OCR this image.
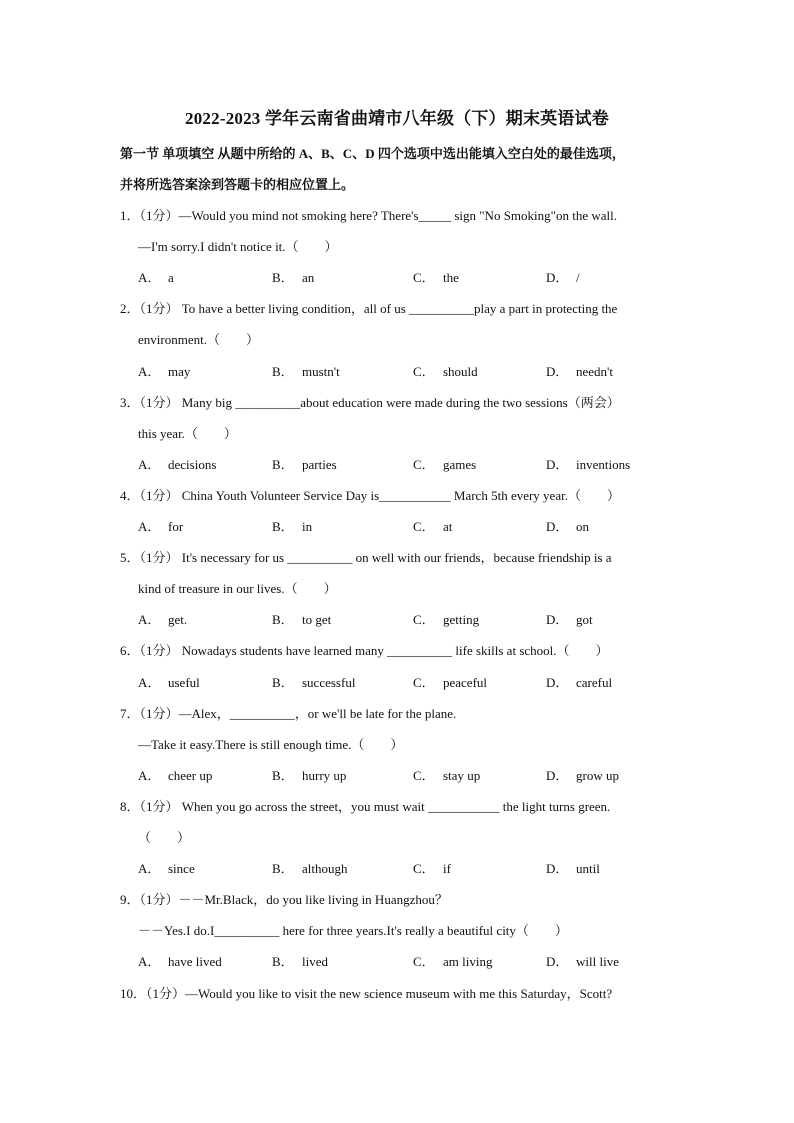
2022-2023 学年云南省曲靖市八年级（下）期末英语试卷
第一节 单项填空 从题中所给的 A、B、C、D 四个选项中选出能填入空白处的最佳选项，
并将所选答案涂到答题卡的相应位置上。
1．（1分）—Would you mind not smoking here? There's_____ sign "No Smoking"on the wall.
—I'm sorry.I didn't notice it.（　　）
A． a	B． an	C． the	D． /
2．（1分） To have a better living condition，all of us __________play a part in protecting the
environment.（　　）
A． may	B． mustn't	C． should	D． needn't
3．（1分） Many big __________about education were made during the two sessions（两会）
this year.（　　）
A． decisions	B． parties	C． games	D． inventions
4．（1分） China Youth Volunteer Service Day is___________ March 5th every year.（　　）
A． for	B． in	C． at	D． on
5．（1分） It's necessary for us __________ on well with our friends，because friendship is a
kind of treasure in our lives.（　　）
A． get.	B． to get	C． getting	D． got
6．（1分） Nowadays students have learned many __________ life skills at school.（　　）
A． useful	B． successful	C． peaceful	D． careful
7．（1分）—Alex，__________，or we'll be late for the plane.
—Take it easy.There is still enough time.（　　）
A． cheer up	B． hurry up	C． stay up	D． grow up
8．（1分） When you go across the street，you must wait ___________ the light turns green.
（　　）
A． since	B． although	C． if	D． until
9．（1分）－－Mr.Black，do you like living in Huangzhou？
－－Yes.I do.I__________ here for three years.It's really a beautiful city（　　）
A． have lived	B． lived	C． am living	D． will live
10．（1分）—Would you like to visit the new science museum with me this Saturday，Scott?
